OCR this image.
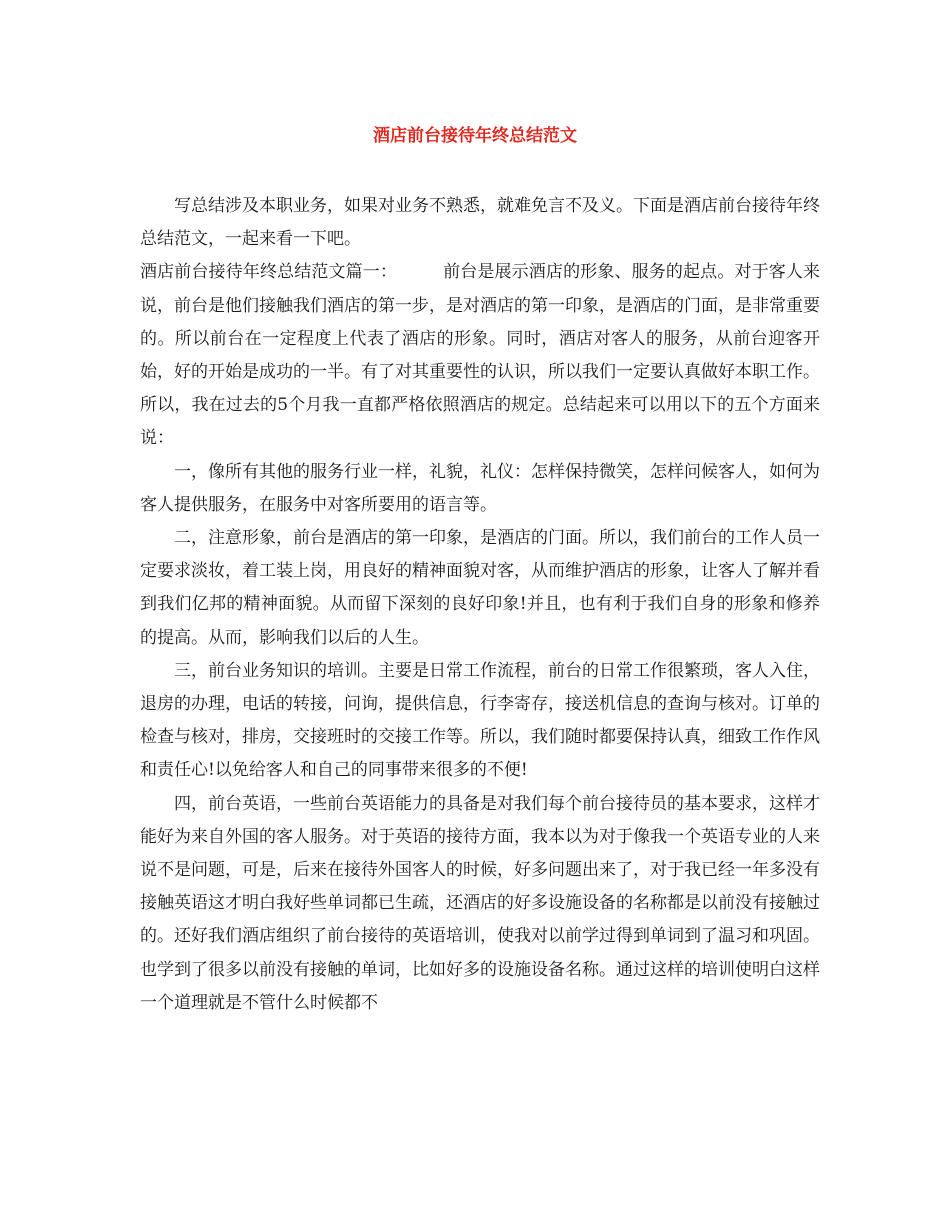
酒店前台接待年终总结范文

写总结涉及本职业务，如果对业务不熟悉，就难免言不及义。下面是酒店前台接待年终总结范文，一起来看一下吧。

酒店前台接待年终总结范文篇一：	前台是展示酒店的形象、服务的起点。对于客人来说，前台是他们接触我们酒店的第一步，是对酒店的第一印象，是酒店的门面，是非常重要的。所以前台在一定程度上代表了酒店的形象。同时，酒店对客人的服务，从前台迎客开始，好的开始是成功的一半。有了对其重要性的认识，所以我们一定要认真做好本职工作。 所以，我在过去的5个月我一直都严格依照酒店的规定。总结起来可以用以下的五个方面来说：

一，像所有其他的服务行业一样，礼貌，礼仪：怎样保持微笑，怎样问候客人，如何为客人提供服务，在服务中对客所要用的语言等。

二，注意形象，前台是酒店的第一印象，是酒店的门面。所以，我们前台的工作人员一定要求淡妆，着工装上岗，用良好的精神面貌对客，从而维护酒店的形象，让客人了解并看到我们亿邦的精神面貌。从而留下深刻的良好印象!并且，也有利于我们自身的形象和修养的提高。从而，影响我们以后的人生。

三，前台业务知识的培训。主要是日常工作流程，前台的日常工作很繁琐，客人入住，退房的办理，电话的转接，问询，提供信息，行李寄存，接送机信息的查询与核对。订单的检查与核对，排房，交接班时的交接工作等。所以，我们随时都要保持认真，细致工作作风和责任心!以免给客人和自己的同事带来很多的不便!

四，前台英语，一些前台英语能力的具备是对我们每个前台接待员的基本要求，这样才能好为来自外国的客人服务。对于英语的接待方面，我本以为对于像我一个英语专业的人来说不是问题，可是，后来在接待外国客人的时候，好多问题出来了，对于我已经一年多没有接触英语这才明白我好些单词都已生疏，还酒店的好多设施设备的名称都是以前没有接触过的。还好我们酒店组织了前台接待的英语培训，使我对以前学过得到单词到了温习和巩固。也学到了很多以前没有接触的单词，比如好多的设施设备名称。通过这样的培训使明白这样一个道理就是不管什么时候都不
